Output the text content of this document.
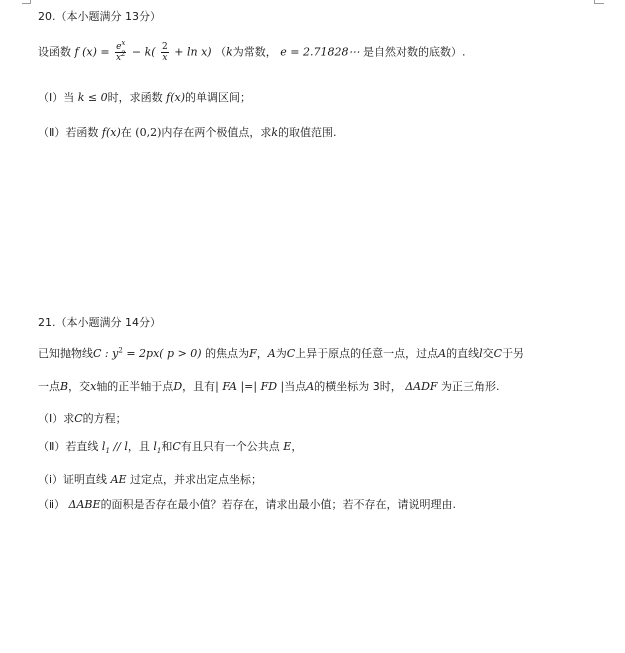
20.（本小题满分 13分）
设函数 f $(x) = \frac{e^x}{x^2} - k( \frac{2}{x} + \ln x)$ （k为常数， e = 2.71828⋯ 是自然对数的底数）.
（Ⅰ）当 k ≤ 0时，求函数 f(x)的单调区间；
（Ⅱ）若函数 f(x)在 (0,2)内存在两个极值点，求k的取值范围.
21.（本小题满分 14分）
已知抛物线C : $y^2 = 2px$( p > 0) 的焦点为F，A为C上异于原点的任意一点，过点A的直线l交C于另
一点B，交x轴的正半轴于点D，且有| FA |=| FD |当点A的横坐标为 3时， ΔADF 为正三角形.
（Ⅰ）求C的方程；
（Ⅱ）若直线 $l_1$ // l，且 $l_1$和C有且只有一个公共点 E，
（ⅰ）证明直线 AE 过定点，并求出定点坐标；
（ⅱ） ΔABE的面积是否存在最小值？若存在，请求出最小值；若不存在，请说明理由.
